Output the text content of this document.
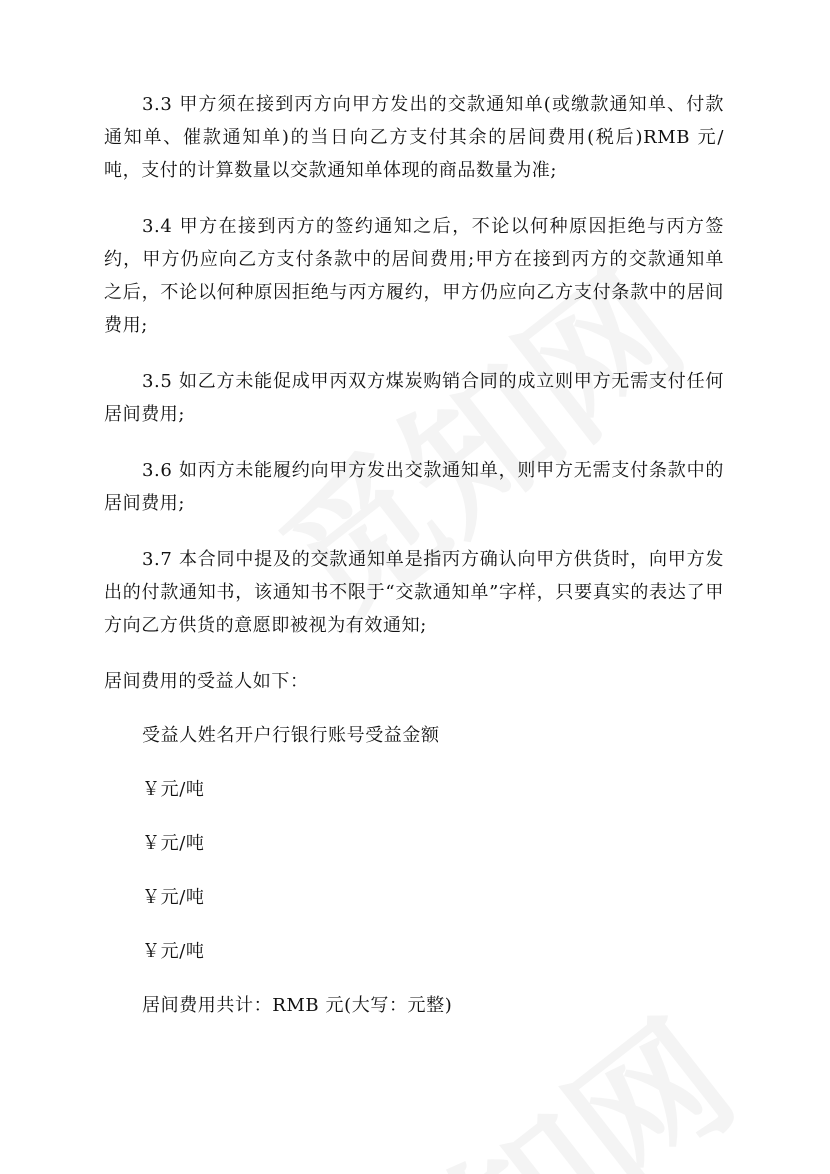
3.3 甲方须在接到丙方向甲方发出的交款通知单(或缴款通知单、付款通知单、催款通知单)的当日向乙方支付其余的居间费用(税后)RMB 元/吨，支付的计算数量以交款通知单体现的商品数量为准;

3.4 甲方在接到丙方的签约通知之后，不论以何种原因拒绝与丙方签约，甲方仍应向乙方支付条款中的居间费用;甲方在接到丙方的交款通知单之后，不论以何种原因拒绝与丙方履约，甲方仍应向乙方支付条款中的居间费用;

3.5 如乙方未能促成甲丙双方煤炭购销合同的成立则甲方无需支付任何居间费用;

3.6 如丙方未能履约向甲方发出交款通知单，则甲方无需支付条款中的居间费用;

3.7 本合同中提及的交款通知单是指丙方确认向甲方供货时，向甲方发出的付款通知书，该通知书不限于“交款通知单”字样，只要真实的表达了甲方向乙方供货的意愿即被视为有效通知;

居间费用的受益人如下：

受益人姓名开户行银行账号受益金额

￥元/吨

￥元/吨

￥元/吨

￥元/吨

居间费用共计：RMB 元(大写：元整)
